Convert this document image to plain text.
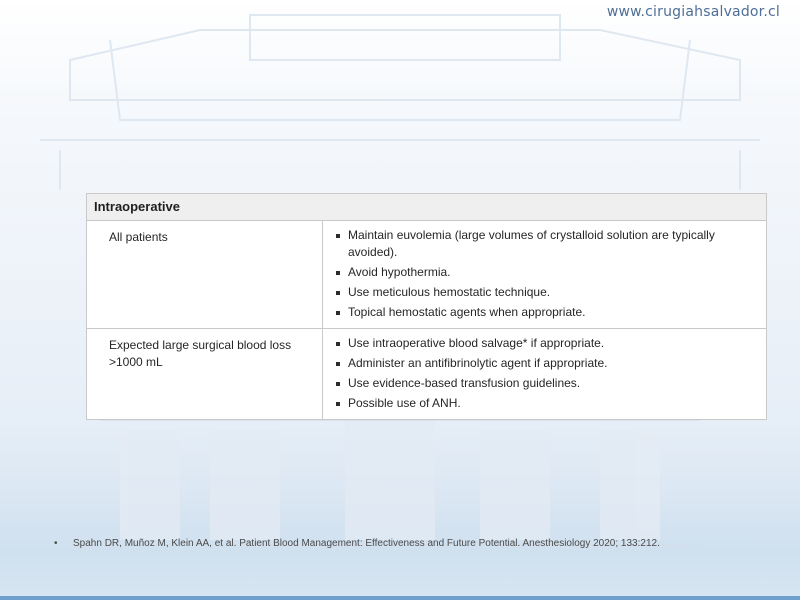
www.cirugiahsalvador.cl
Intraoperative
All patients	Maintain euvolemia (large volumes of crystalloid solution are typically avoided).
Avoid hypothermia.
Use meticulous hemostatic technique.
Topical hemostatic agents when appropriate.
Expected large surgical blood loss >1000 mL
Use intraoperative blood salvage* if appropriate.
Administer an antifibrinolytic agent if appropriate.
Use evidence-based transfusion guidelines.
Possible use of ANH.
•	Spahn DR, Muñoz M, Klein AA, et al. Patient Blood Management: Effectiveness and Future Potential. Anesthesiology 2020; 133:212.
